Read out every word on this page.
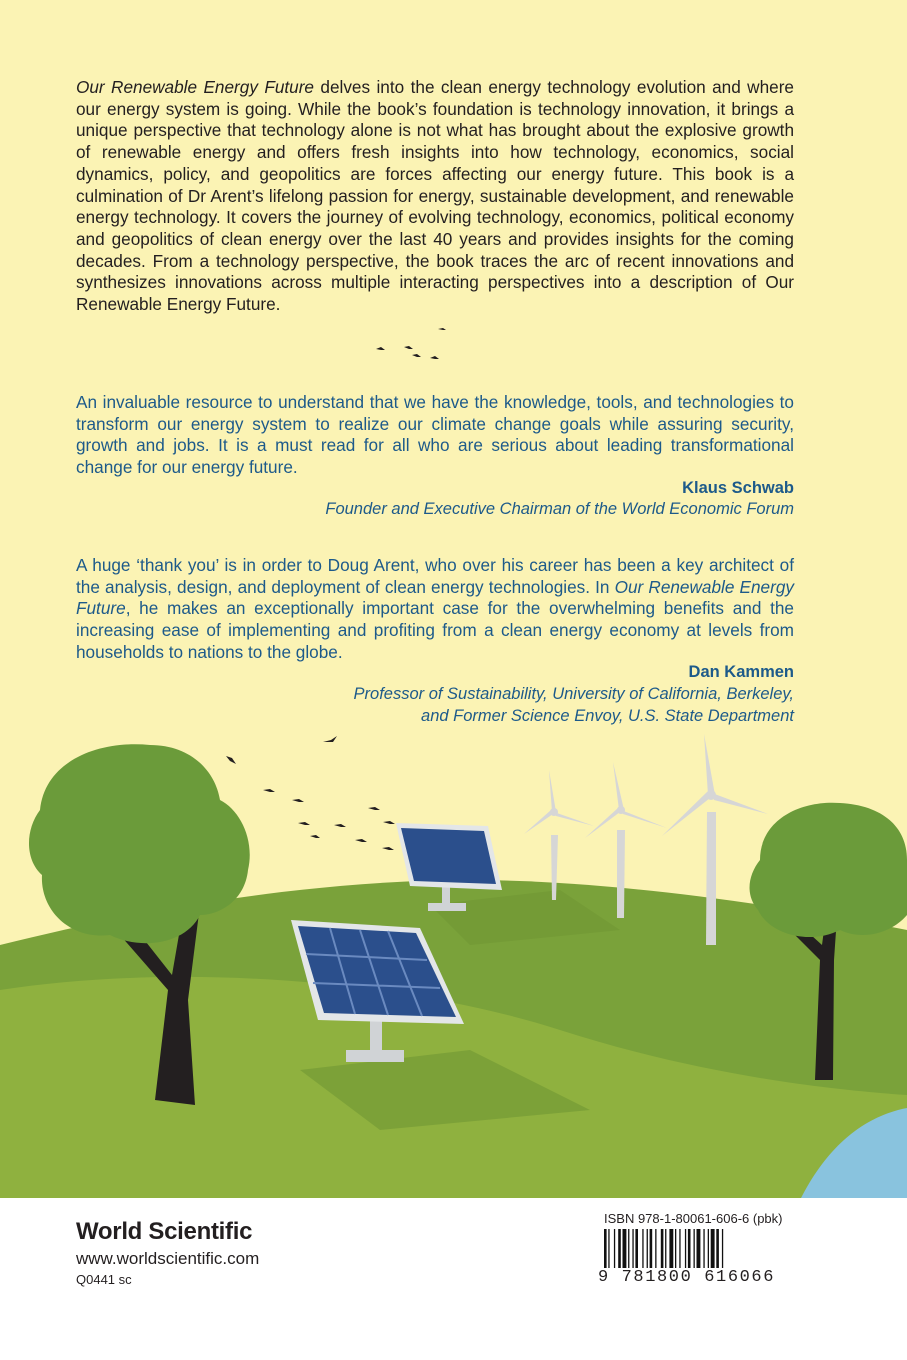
Our Renewable Energy Future delves into the clean energy technology evolution and where our energy system is going. While the book’s foundation is technology innovation, it brings a unique perspective that technology alone is not what has brought about the explosive growth of renewable energy and offers fresh insights into how technology, economics, social dynamics, policy, and geopolitics are forces affecting our energy future. This book is a culmination of Dr Arent’s lifelong passion for energy, sustainable development, and renewable energy technology. It covers the journey of evolving technology, economics, political economy and geopolitics of clean energy over the last 40 years and provides insights for the coming decades. From a technology perspective, the book traces the arc of recent innovations and synthesizes innovations across multiple interacting perspectives into a description of Our Renewable Energy Future.
An invaluable resource to understand that we have the knowledge, tools, and technologies to transform our energy system to realize our climate change goals while assuring security, growth and jobs. It is a must read for all who are serious about leading transformational change for our energy future.
Klaus Schwab
Founder and Executive Chairman of the World Economic Forum
A huge ‘thank you’ is in order to Doug Arent, who over his career has been a key architect of the analysis, design, and deployment of clean energy technologies. In Our Renewable Energy Future, he makes an exceptionally important case for the overwhelming benefits and the increasing ease of implementing and profiting from a clean energy economy at levels from households to nations to the globe.
Dan Kammen
Professor of Sustainability, University of California, Berkeley,
and Former Science Envoy, U.S. State Department
World Scientific
www.worldscientific.com
Q0441 sc
ISBN 978-1-80061-606-6 (pbk)
9 781800 616066
